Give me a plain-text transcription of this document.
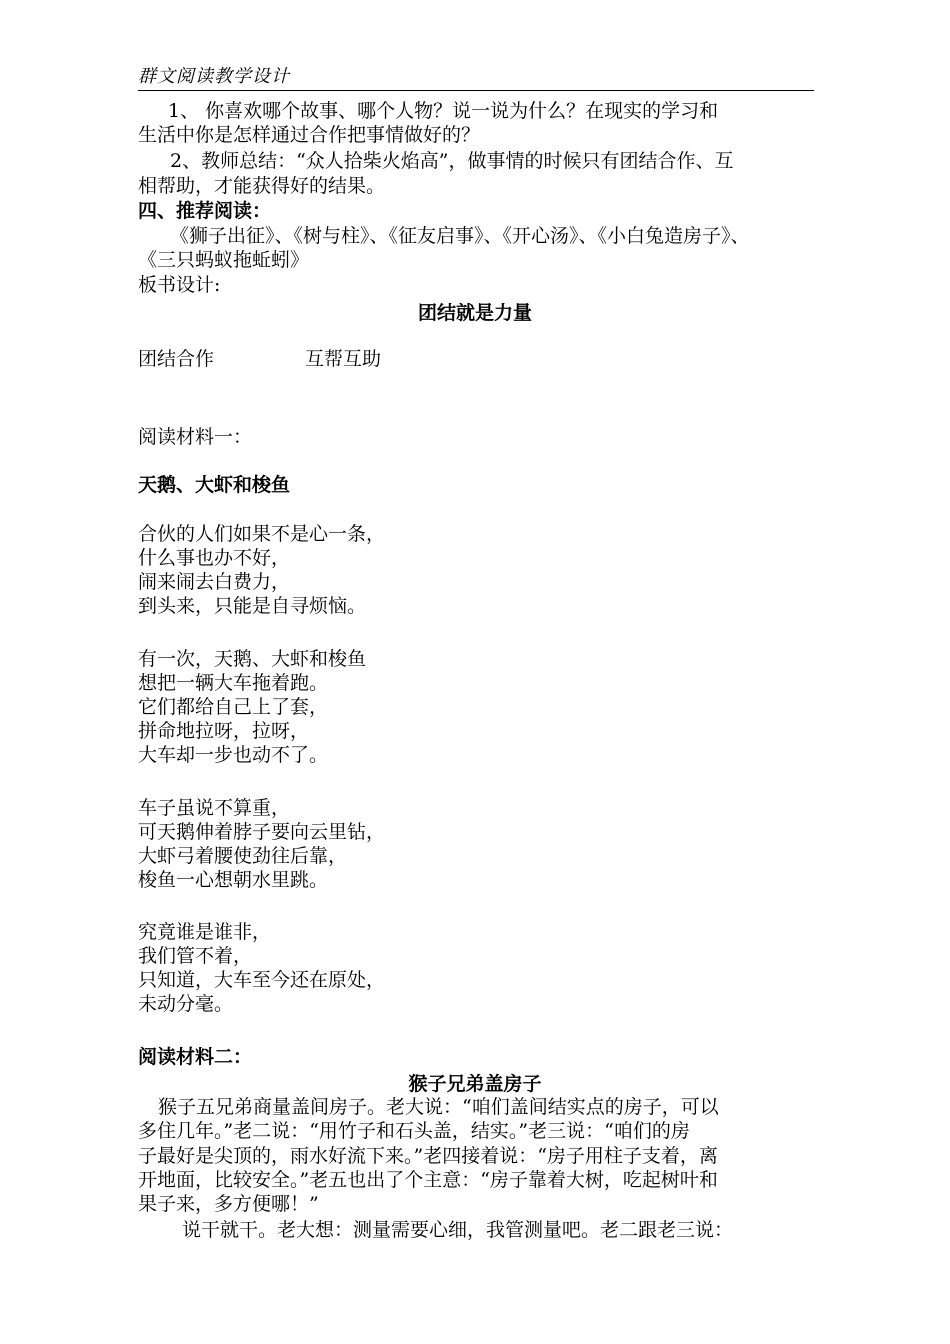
群文阅读教学设计
1、 你喜欢哪个故事、哪个人物？说一说为什么？在现实的学习和
生活中你是怎样通过合作把事情做好的？
2、教师总结：“众人拾柴火焰高”，做事情的时候只有团结合作、互
相帮助，才能获得好的结果。
四、推荐阅读：
《狮子出征》、《树与柱》、《征友启事》、《开心汤》、《小白兔造房子》、
《三只蚂蚁拖蚯蚓》
板书设计:
团结就是力量
团结合作	互帮互助
阅读材料一：
天鹅、大虾和梭鱼
合伙的人们如果不是心一条，
什么事也办不好，
闹来闹去白费力，
到头来，只能是自寻烦恼。
有一次，天鹅、大虾和梭鱼
想把一辆大车拖着跑。
它们都给自己上了套，
拼命地拉呀，拉呀，
大车却一步也动不了。
车子虽说不算重，
可天鹅伸着脖子要向云里钻，
大虾弓着腰使劲往后靠，
梭鱼一心想朝水里跳。
究竟谁是谁非，
我们管不着，
只知道，大车至今还在原处，
未动分毫。
阅读材料二：
猴子兄弟盖房子
猴子五兄弟商量盖间房子。老大说：“咱们盖间结实点的房子，可以
多住几年。”老二说：“用竹子和石头盖，结实。”老三说：“咱们的房
子最好是尖顶的，雨水好流下来。”老四接着说：“房子用柱子支着，离
开地面，比较安全。”老五也出了个主意：“房子靠着大树，吃起树叶和
果子来，多方便哪！”
说干就干。老大想：测量需要心细，我管测量吧。老二跟老三说：
